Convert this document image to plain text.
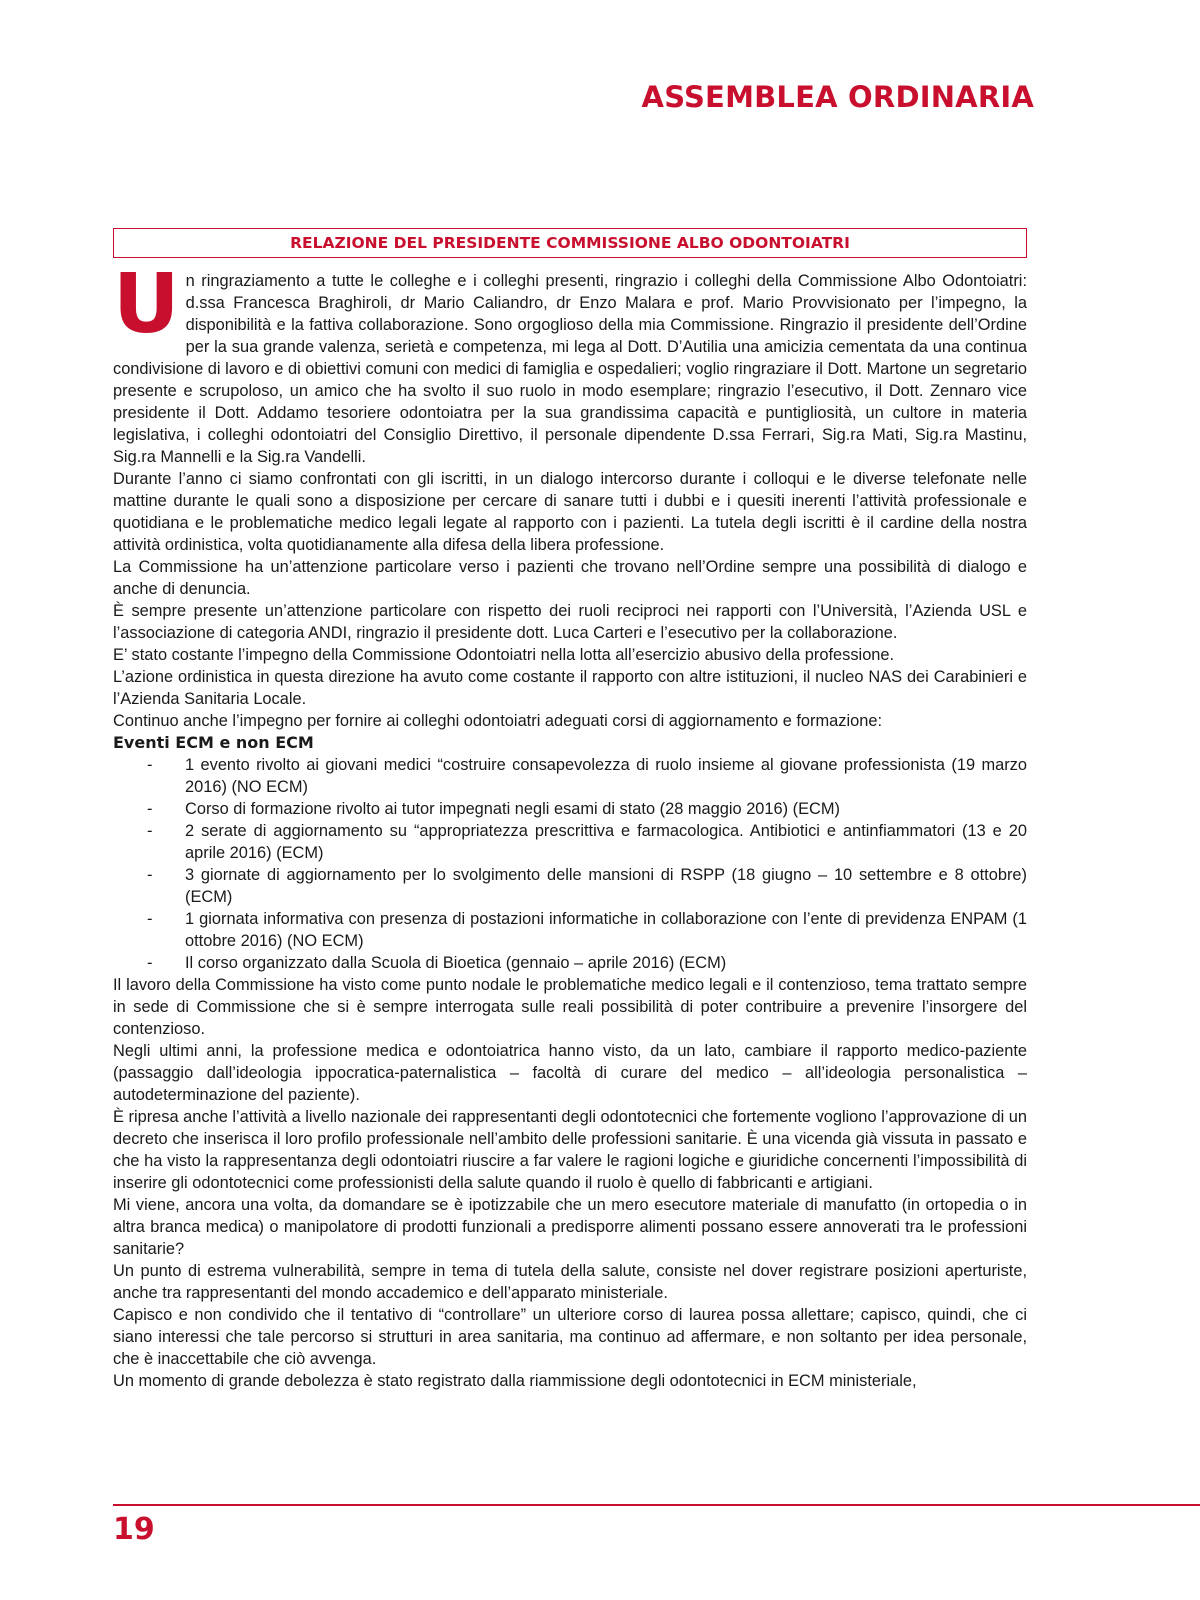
ASSEMBLEA ORDINARIA
RELAZIONE DEL PRESIDENTE COMMISSIONE ALBO ODONTOIATRI

Un ringraziamento a tutte le colleghe e i colleghi presenti, ringrazio i colleghi della Commissione Albo Odontoiatri: d.ssa Francesca Braghiroli, dr Mario Caliandro, dr Enzo Malara e prof. Mario Provvisionato per l’impegno, la disponibilità e la fattiva collaborazione. Sono orgoglioso della mia Commissione. Ringrazio il presidente dell’Ordine per la sua grande valenza, serietà e competenza, mi lega al Dott. D’Autilia una amicizia cementata da una continua condivisione di lavoro e di obiettivi comuni con medici di famiglia e ospedalieri; voglio ringraziare il Dott. Martone un segretario presente e scrupoloso, un amico che ha svolto il suo ruolo in modo esemplare; ringrazio l’esecutivo, il Dott. Zennaro vice presidente il Dott. Addamo tesoriere odontoiatra per la sua grandissima capacità e puntigliosità, un cultore in materia legislativa, i colleghi odontoiatri del Consiglio Direttivo, il personale dipendente D.ssa Ferrari, Sig.ra Mati, Sig.ra Mastinu, Sig.ra Mannelli e la Sig.ra Vandelli.

Durante l’anno ci siamo confrontati con gli iscritti, in un dialogo intercorso durante i colloqui e le diverse telefonate nelle mattine durante le quali sono a disposizione per cercare di sanare tutti i dubbi e i quesiti inerenti l’attività professionale e quotidiana e le problematiche medico legali legate al rapporto con i pazienti. La tutela degli iscritti è il cardine della nostra attività ordinistica, volta quotidianamente alla difesa della libera professione.

La Commissione ha un’attenzione particolare verso i pazienti che trovano nell’Ordine sempre una possibilità di dialogo e anche di denuncia.

È sempre presente un’attenzione particolare con rispetto dei ruoli reciproci nei rapporti con l’Università, l’Azienda USL e l’associazione di categoria ANDI, ringrazio il presidente dott. Luca Carteri e l’esecutivo per la collaborazione.

E’ stato costante l’impegno della Commissione Odontoiatri nella lotta all’esercizio abusivo della professione.

L’azione ordinistica in questa direzione ha avuto come costante il rapporto con altre istituzioni, il nucleo NAS dei Carabinieri e l’Azienda Sanitaria Locale.

Continuo anche l’impegno per fornire ai colleghi odontoiatri adeguati corsi di aggiornamento e formazione:

Eventi ECM e non ECM

-	1 evento rivolto ai giovani medici “costruire consapevolezza di ruolo insieme al giovane professionista (19 marzo 2016) (NO ECM)
-	Corso di formazione rivolto ai tutor impegnati negli esami di stato (28 maggio 2016) (ECM)
-	2 serate di aggiornamento su “appropriatezza prescrittiva e farmacologica. Antibiotici e antinfiammatori (13 e 20 aprile 2016) (ECM)
-	3 giornate di aggiornamento per lo svolgimento delle mansioni di RSPP (18 giugno – 10 settembre e 8 ottobre) (ECM)
-	1 giornata informativa con presenza di postazioni informatiche in collaborazione con l’ente di previdenza ENPAM (1 ottobre 2016) (NO ECM)
-	Il corso organizzato dalla Scuola di Bioetica (gennaio – aprile 2016) (ECM)

Il lavoro della Commissione ha visto come punto nodale le problematiche medico legali e il contenzioso, tema trattato sempre in sede di Commissione che si è sempre interrogata sulle reali possibilità di poter contribuire a prevenire l’insorgere del contenzioso.

Negli ultimi anni, la professione medica e odontoiatrica hanno visto, da un lato, cambiare il rapporto medico-paziente (passaggio dall’ideologia ippocratica-paternalistica – facoltà di curare del medico – all’ideologia personalistica – autodeterminazione del paziente).

È ripresa anche l’attività a livello nazionale dei rappresentanti degli odontotecnici che fortemente vogliono l’approvazione di un decreto che inserisca il loro profilo professionale nell’ambito delle professioni sanitarie. È una vicenda già vissuta in passato e che ha visto la rappresentanza degli odontoiatri riuscire a far valere le ragioni logiche e giuridiche concernenti l’impossibilità di inserire gli odontotecnici come professionisti della salute quando il ruolo è quello di fabbricanti e artigiani.

Mi viene, ancora una volta, da domandare se è ipotizzabile che un mero esecutore materiale di manufatto (in ortopedia o in altra branca medica) o manipolatore di prodotti funzionali a predisporre alimenti possano essere annoverati tra le professioni sanitarie?

Un punto di estrema vulnerabilità, sempre in tema di tutela della salute, consiste nel dover registrare posizioni aperturiste, anche tra rappresentanti del mondo accademico e dell’apparato ministeriale.

Capisco e non condivido che il tentativo di “controllare” un ulteriore corso di laurea possa allettare; capisco, quindi, che ci siano interessi che tale percorso si strutturi in area sanitaria, ma continuo ad affermare, e non soltanto per idea personale, che è inaccettabile che ciò avvenga.

Un momento di grande debolezza è stato registrato dalla riammissione degli odontotecnici in ECM ministeriale,

19
